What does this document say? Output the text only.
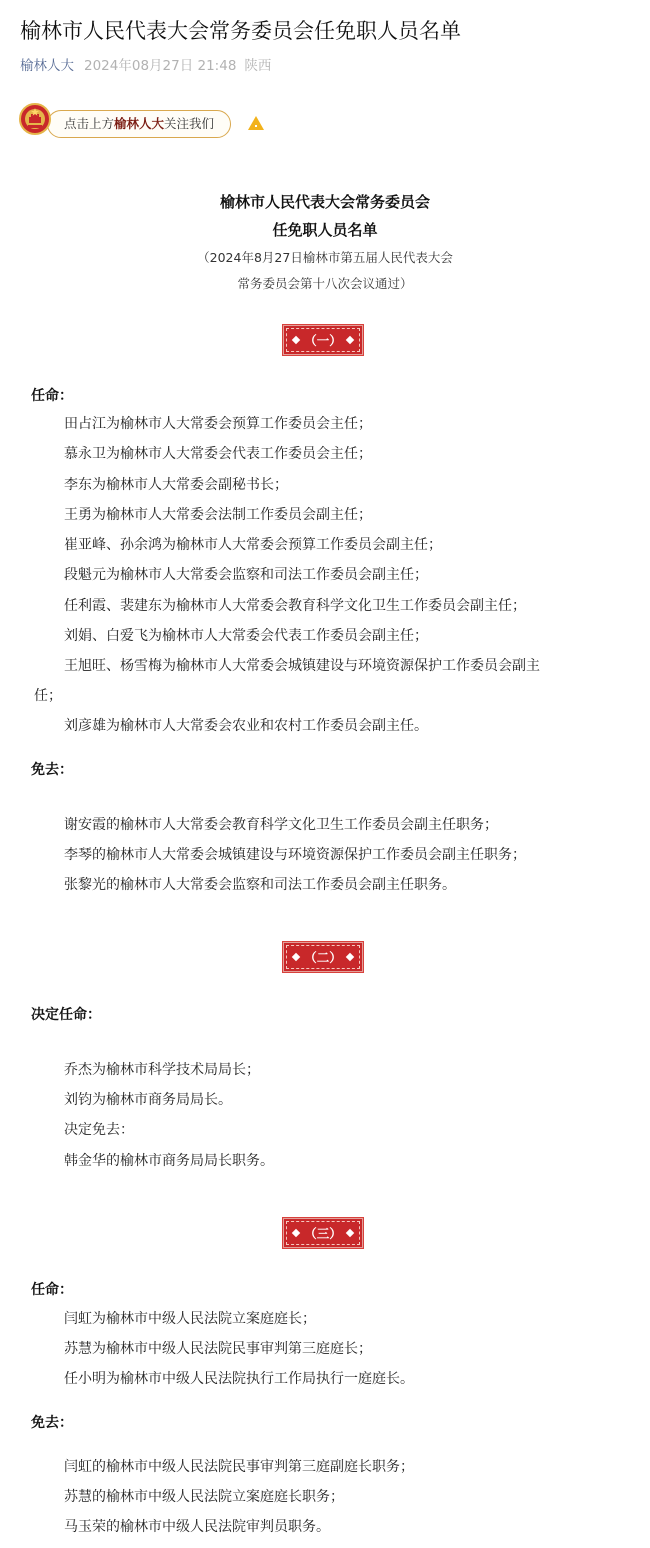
榆林市人民代表大会常务委员会任免职人员名单
榆林人大 2024年08月27日 21:48 陕西
点击上方榆林人大关注我们
榆林市人民代表大会常务委员会
任免职人员名单
（2024年8月27日榆林市第五届人民代表大会
常务委员会第十八次会议通过）
（一）
任命：
田占江为榆林市人大常委会预算工作委员会主任；
慕永卫为榆林市人大常委会代表工作委员会主任；
李东为榆林市人大常委会副秘书长；
王勇为榆林市人大常委会法制工作委员会副主任；
崔亚峰、孙余鸿为榆林市人大常委会预算工作委员会副主任；
段魁元为榆林市人大常委会监察和司法工作委员会副主任；
任利霞、裴建东为榆林市人大常委会教育科学文化卫生工作委员会副主任；
刘娟、白爱飞为榆林市人大常委会代表工作委员会副主任；
王旭旺、杨雪梅为榆林市人大常委会城镇建设与环境资源保护工作委员会副主
任；
刘彦雄为榆林市人大常委会农业和农村工作委员会副主任。
免去：
谢安霞的榆林市人大常委会教育科学文化卫生工作委员会副主任职务；
李琴的榆林市人大常委会城镇建设与环境资源保护工作委员会副主任职务；
张黎光的榆林市人大常委会监察和司法工作委员会副主任职务。
（二）
决定任命：
乔杰为榆林市科学技术局局长；
刘钧为榆林市商务局局长。
决定免去：
韩金华的榆林市商务局局长职务。
（三）
任命：
闫虹为榆林市中级人民法院立案庭庭长；
苏慧为榆林市中级人民法院民事审判第三庭庭长；
任小明为榆林市中级人民法院执行工作局执行一庭庭长。
免去：
闫虹的榆林市中级人民法院民事审判第三庭副庭长职务；
苏慧的榆林市中级人民法院立案庭庭长职务；
马玉荣的榆林市中级人民法院审判员职务。
